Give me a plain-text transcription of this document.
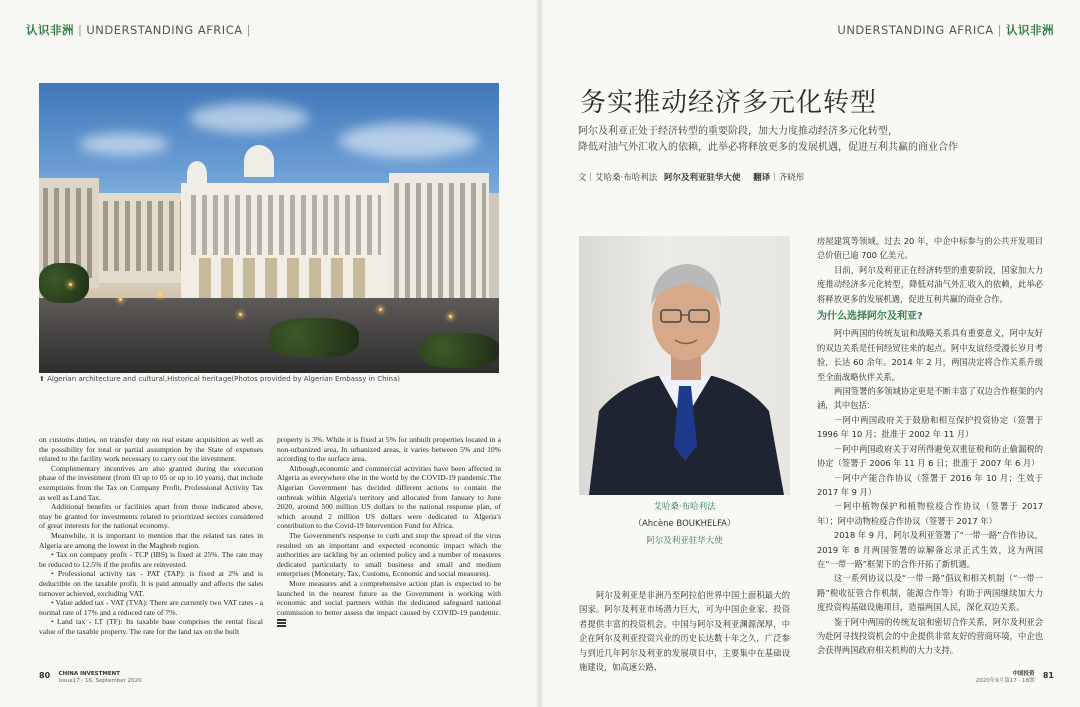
认识非洲 | UNDERSTANDING AFRICA |
⬆ Algerian architecture and cultural,Historical heritage(Photos provided by Algerian Embassy in China)

on customs duties, on transfer duty on real estate acquisition as well as the possibility for total or partial assumption by the State of expenses related to the facility work necessary to carry out the investment.

Complementary incentives are also granted during the execution phase of the investment (from 03 up to 05 or up to 10 years), that include exemptions from the Tax on Company Profit, Professional Activity Tax as well as Land Tax.

Additional benefits or facilities apart from those indicated above, may be granted for investments related to prioritized sectors considered of great interests for the national economy.

Meanwhile, it is important to mention that the related tax rates in Algeria are among the lowest in the Maghreb region.

• Tax on company profit - TCP (IBS) is fixed at 25%. The rate may be reduced to 12.5% if the profits are reinvested.

• Professional activity tax - PAT (TAP): is fixed at 2% and is deductible on the taxable profit. It is paid annually and affects the sales turnover achieved, excluding VAT.

• Value added tax - VAT (TVA): There are currently two VAT rates - a normal rate of 17% and a reduced rate of 7%.

• Land tax - LT (TF): Its taxable base comprises the rental fiscal value of the taxable property. The rate for the land tax on the built

property is 3%. While it is fixed at 5% for unbuilt properties located in a non-urbanized area, In urbanized areas, it varies between 5% and 10% according to the surface area.

Although,economic and commercial activities have been affected in Algeria as everywhere else in the world by the COVID-19 pandemic.The Algerian Government has decided different actions to contain the outbreak within Algeria's territory and allocated from January to June 2020, around 500 million US dollars to the national response plan, of which around 2 million US dollars were dedicated to Algeria's contribution to the Covid-19 Intervention Fund for Africa.

The Government's response to curb and stop the spread of the virus resulted on an important and expected economic impact which the authorities are tackling by an oriented policy and a number of measures dedicated particularly to small business and small and medium enterprises (Monetary, Tax, Customs, Economic and social measures).

More measures and a comprehensive action plan is expected to be launched in the nearest future as the Government is working with economic and social partners within the dedicated safeguard national commission to better assess the impact caused by COVID-19 pandemic.

80 CHINA INVESTMENT
Issue17 · 16, September 2020
UNDERSTANDING AFRICA | 认识非洲
务实推动经济多元化转型
阿尔及利亚正处于经济转型的重要阶段，加大力度推动经济多元化转型，
降低对油气外汇收入的依赖，此举必将释放更多的发展机遇，促进互利共赢的商业合作
文｜艾哈桑·布哈利法 阿尔及利亚驻华大使 翻译｜齐晓彤
艾哈桑·布哈利法
（Ahcène BOUKHELFA）
阿尔及利亚驻华大使

阿尔及利亚是非洲乃至阿拉伯世界中国土面积最大的国家。阿尔及利亚市场潜力巨大，可为中国企业家、投资者提供丰富的投资机会。中国与阿尔及利亚渊源深厚，中企在阿尔及利亚投资兴业的历史长达数十年之久，广泛参与到近几年阿尔及利亚的发展项目中，主要集中在基础设施建设，如高速公路、

房屋建筑等领域。过去 20 年，中企中标参与的公共开发项目总价值已逾 700 亿美元。

目前，阿尔及利亚正在经济转型的重要阶段，国家加大力度推动经济多元化转型，降低对油气外汇收入的依赖，此举必将释放更多的发展机遇，促进互利共赢的商业合作。

为什么选择阿尔及利亚?

阿中两国的传统友谊和战略关系具有重要意义，阿中友好的双边关系是任何经贸往来的起点。阿中友谊经受漫长岁月考验，长达 60 余年。2014 年 2 月，两国决定将合作关系升级至全面战略伙伴关系。

两国签署的多领域协定更是不断丰富了双边合作框架的内涵，其中包括：

－阿中两国政府关于鼓励和相互保护投资协定（签署于 1996 年 10 月；批准于 2002 年 11 月）

－阿中两国政府关于对所得避免双重征税和防止偷漏税的协定（签署于 2006 年 11 月 6 日；批准于 2007 年 6 月）

－阿中产能合作协议（签署于 2016 年 10 月；生效于 2017 年 9 月）

－阿中植物保护和植物检疫合作协议（签署于 2017 年）；阿中动物检疫合作协议（签署于 2017 年）

2018 年 9 月，阿尔及利亚签署了“一带一路”合作协议，2019 年 8 月两国签署的谅解备忘录正式生效，这为两国在“一带一路”框架下的合作开拓了新机遇。

这一系列协议以及“一带一路”倡议和相关机制（“一带一路”税收征管合作机制，能源合作等）有助于两国继续加大力度投资构基础设施项目，造福两国人民，深化双边关系。

鉴于阿中两国的传统友谊和密切合作关系，阿尔及利亚会为赴阿寻找投资机会的中企提供非常友好的营商环境，中企也会获得两国政府相关机构的大力支持。

中国投资
2020年9月第17 · 18期
81
